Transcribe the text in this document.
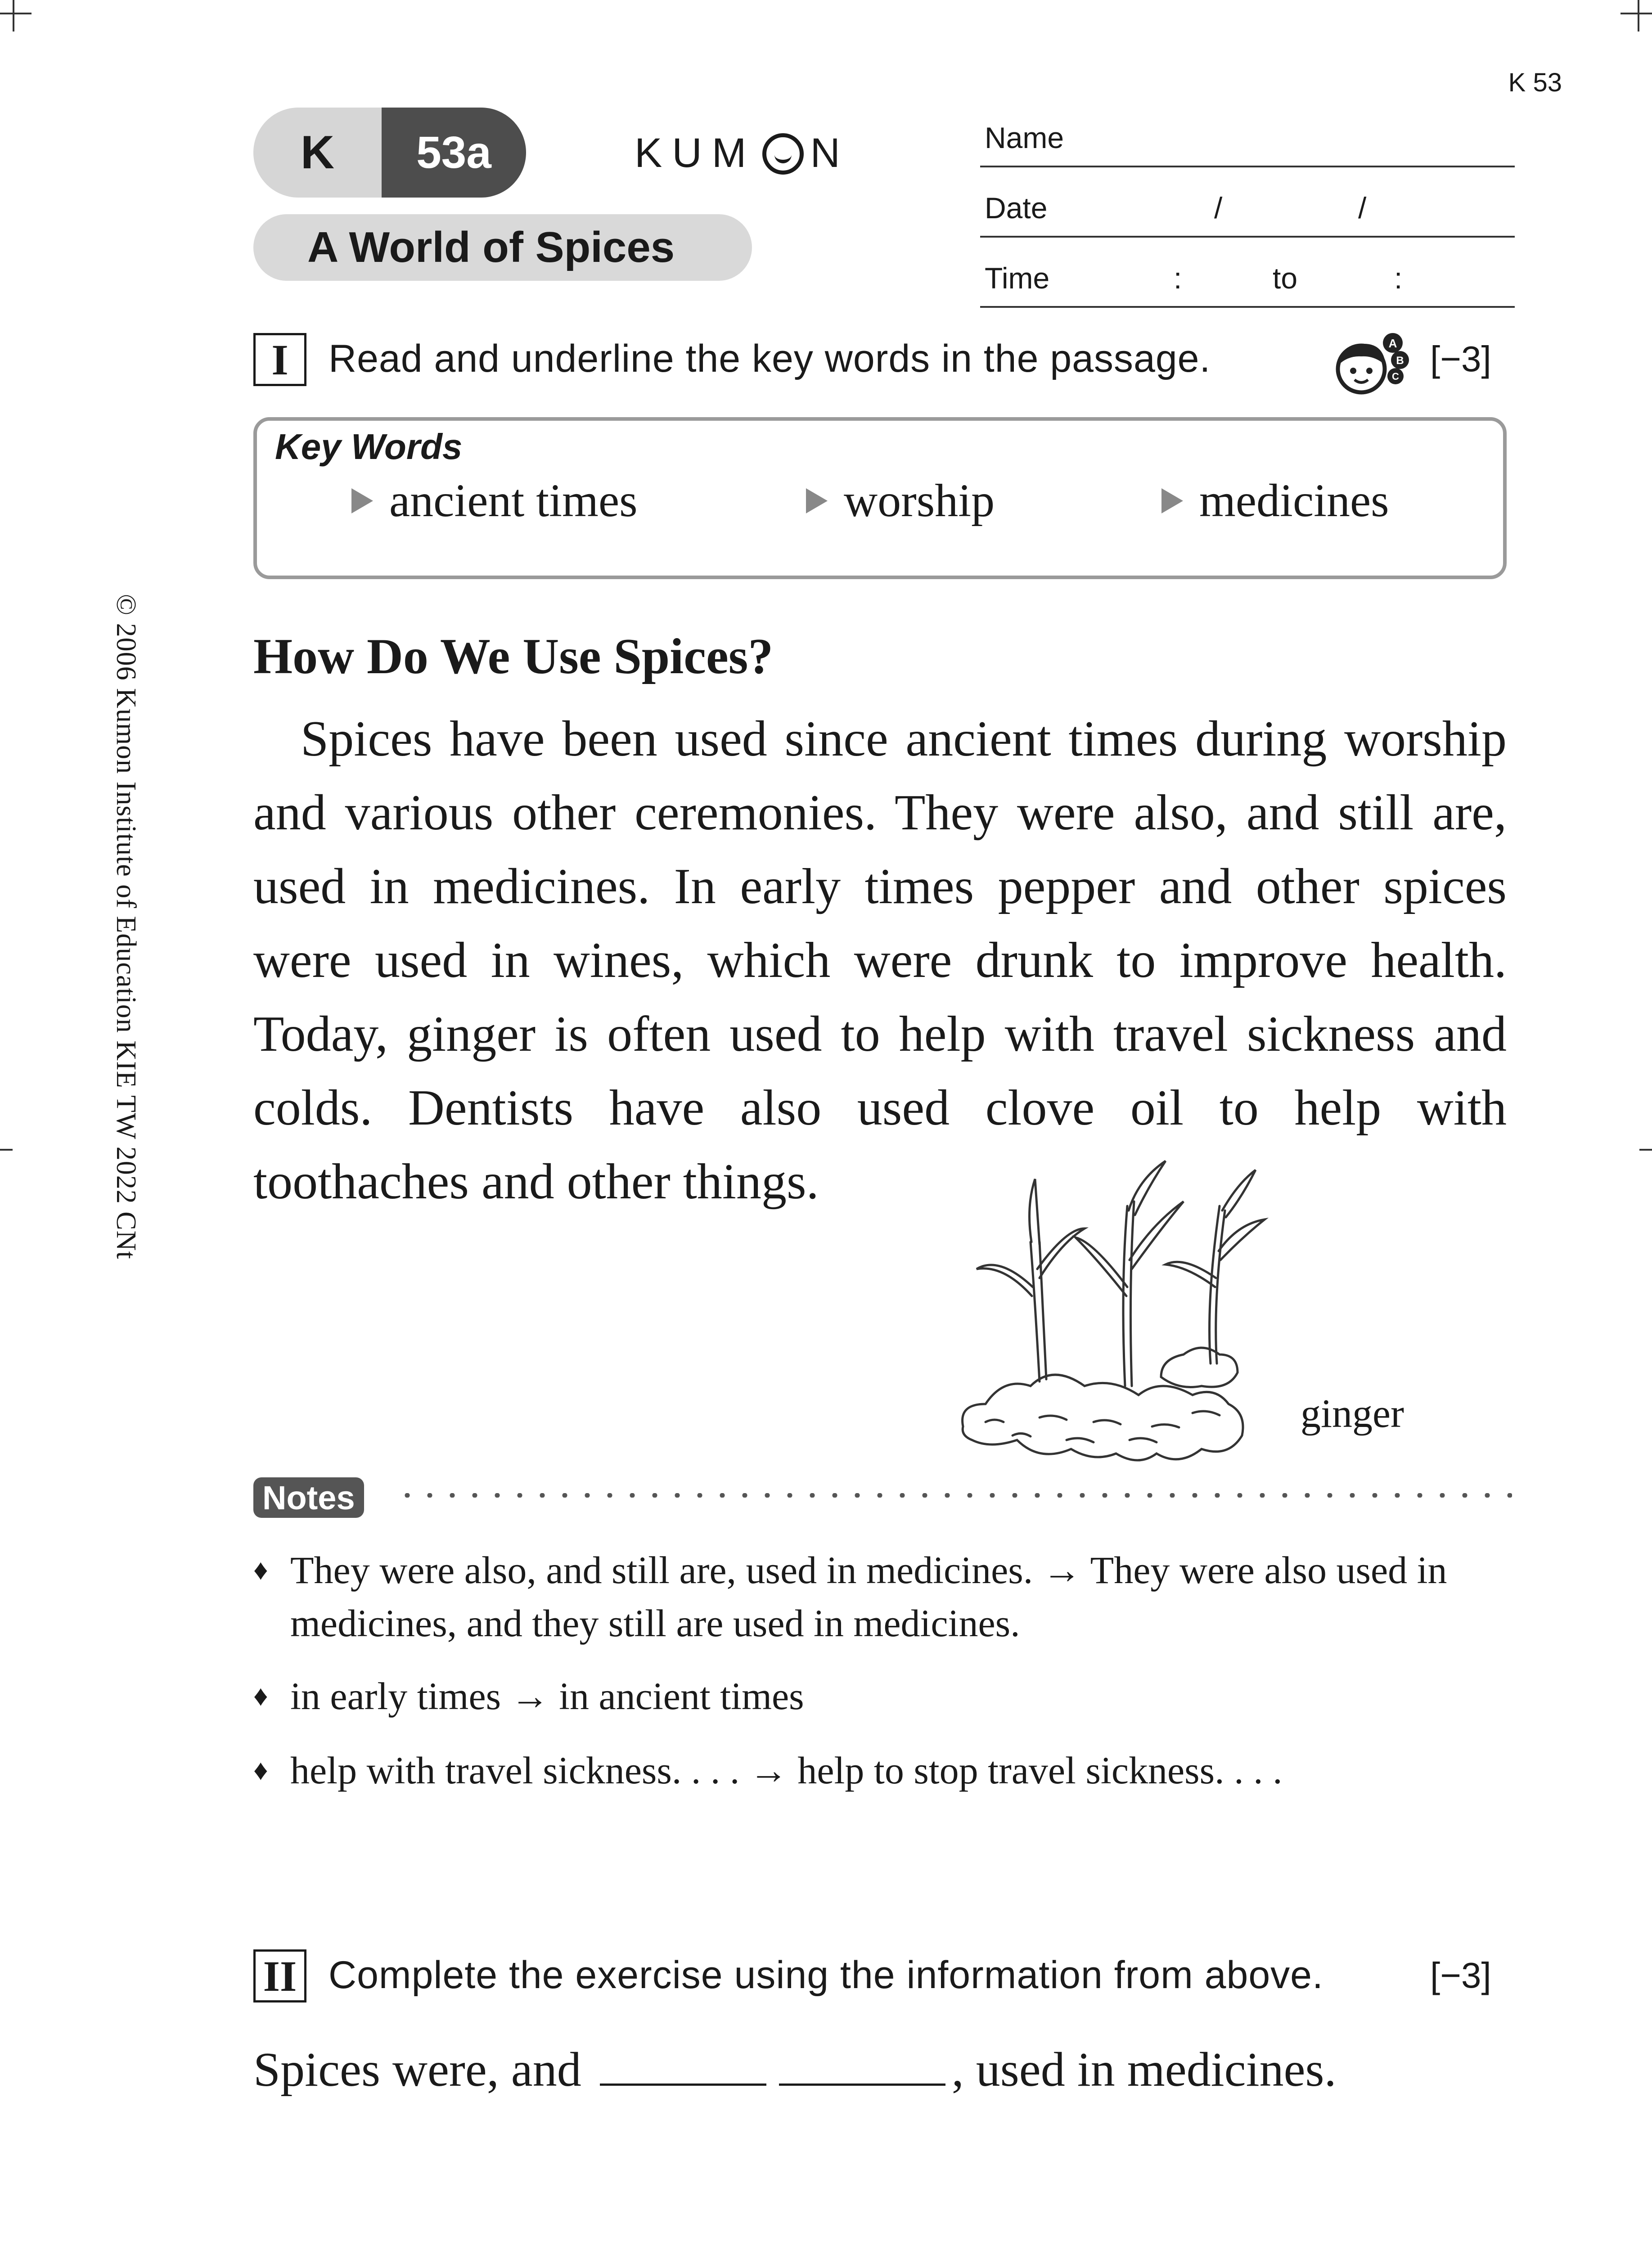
K 53
K	53a	KUM N
A World of Spices
Name
Date	/	/
Time	:	to	:
I	Read and underline the key words in the passage.	A
B
C [−3]
Key Words
ancient times	worship	medicines
How Do We Use Spices?

Spices have been used since ancient times during worship and various other ceremonies. They were also, and still are, used in medicines. In early times pepper and other spices were used in wines, which were drunk to improve health. Today, ginger is often used to help with travel sickness and colds. Dentists have also used clove oil to help with toothaches and other things.

ginger
Notes
♦ They were also, and still are, used in medicines. → They were also used in medicines, and they still are used in medicines.
♦ in early times → in ancient times
♦ help with travel sickness. . . . → help to stop travel sickness. . . .
II Complete the exercise using the information from above.	[−3]
Spices were, and	, used in medicines.
© 2006 Kumon Institute of Education KIE TW 2022 CNt
